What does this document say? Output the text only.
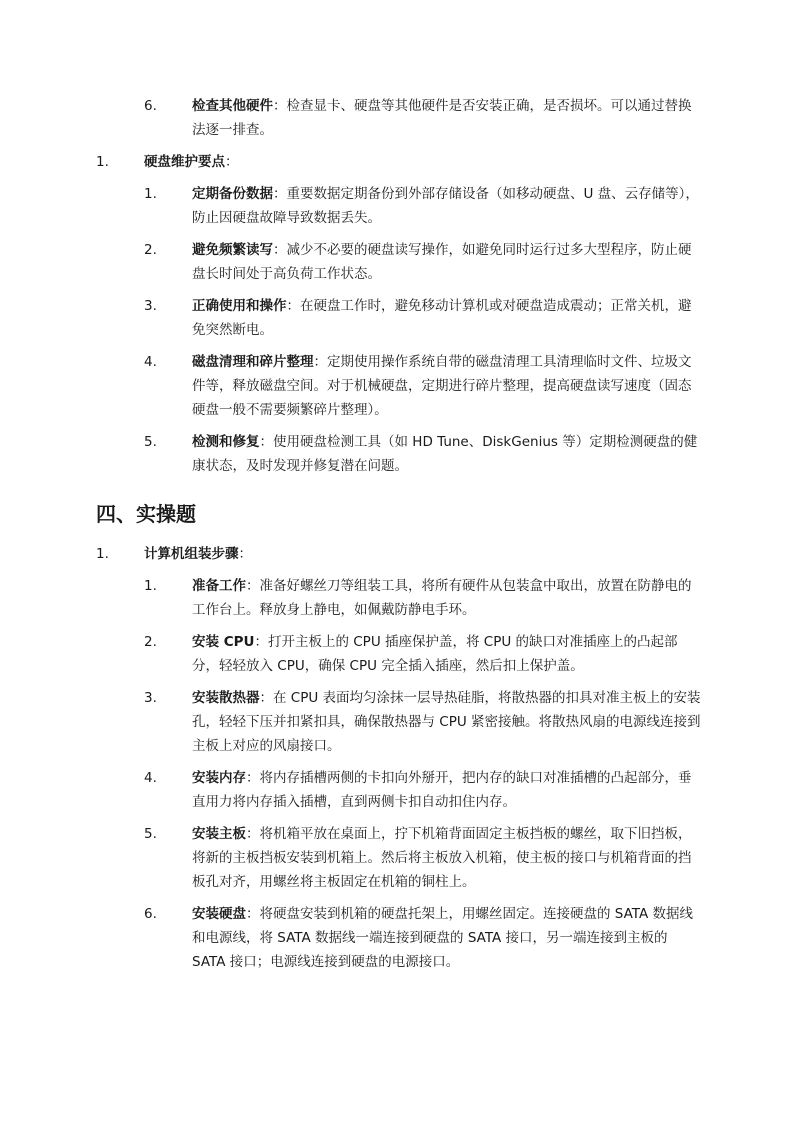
6.	检查其他硬件：检查显卡、硬盘等其他硬件是否安装正确，是否损坏。可以通过替换法逐一排查。
1.	硬盘维护要点：
1.	定期备份数据：重要数据定期备份到外部存储设备（如移动硬盘、U 盘、云存储等），防止因硬盘故障导致数据丢失。
2.	避免频繁读写：减少不必要的硬盘读写操作，如避免同时运行过多大型程序，防止硬盘长时间处于高负荷工作状态。
3.	正确使用和操作：在硬盘工作时，避免移动计算机或对硬盘造成震动；正常关机，避免突然断电。
4.	磁盘清理和碎片整理：定期使用操作系统自带的磁盘清理工具清理临时文件、垃圾文件等，释放磁盘空间。对于机械硬盘，定期进行碎片整理，提高硬盘读写速度（固态硬盘一般不需要频繁碎片整理）。
5.	检测和修复：使用硬盘检测工具（如 HD Tune、DiskGenius 等）定期检测硬盘的健康状态，及时发现并修复潜在问题。
四、实操题
1.	计算机组装步骤：
1.	准备工作：准备好螺丝刀等组装工具，将所有硬件从包装盒中取出，放置在防静电的工作台上。释放身上静电，如佩戴防静电手环。
2.	安装 CPU：打开主板上的 CPU 插座保护盖，将 CPU 的缺口对准插座上的凸起部分，轻轻放入 CPU，确保 CPU 完全插入插座，然后扣上保护盖。
3.	安装散热器：在 CPU 表面均匀涂抹一层导热硅脂，将散热器的扣具对准主板上的安装孔，轻轻下压并扣紧扣具，确保散热器与 CPU 紧密接触。将散热风扇的电源线连接到主板上对应的风扇接口。
4.	安装内存：将内存插槽两侧的卡扣向外掰开，把内存的缺口对准插槽的凸起部分，垂直用力将内存插入插槽，直到两侧卡扣自动扣住内存。
5.	安装主板：将机箱平放在桌面上，拧下机箱背面固定主板挡板的螺丝，取下旧挡板，将新的主板挡板安装到机箱上。然后将主板放入机箱，使主板的接口与机箱背面的挡板孔对齐，用螺丝将主板固定在机箱的铜柱上。
6.	安装硬盘：将硬盘安装到机箱的硬盘托架上，用螺丝固定。连接硬盘的 SATA 数据线和电源线，将 SATA 数据线一端连接到硬盘的 SATA 接口，另一端连接到主板的 SATA 接口；电源线连接到硬盘的电源接口。
